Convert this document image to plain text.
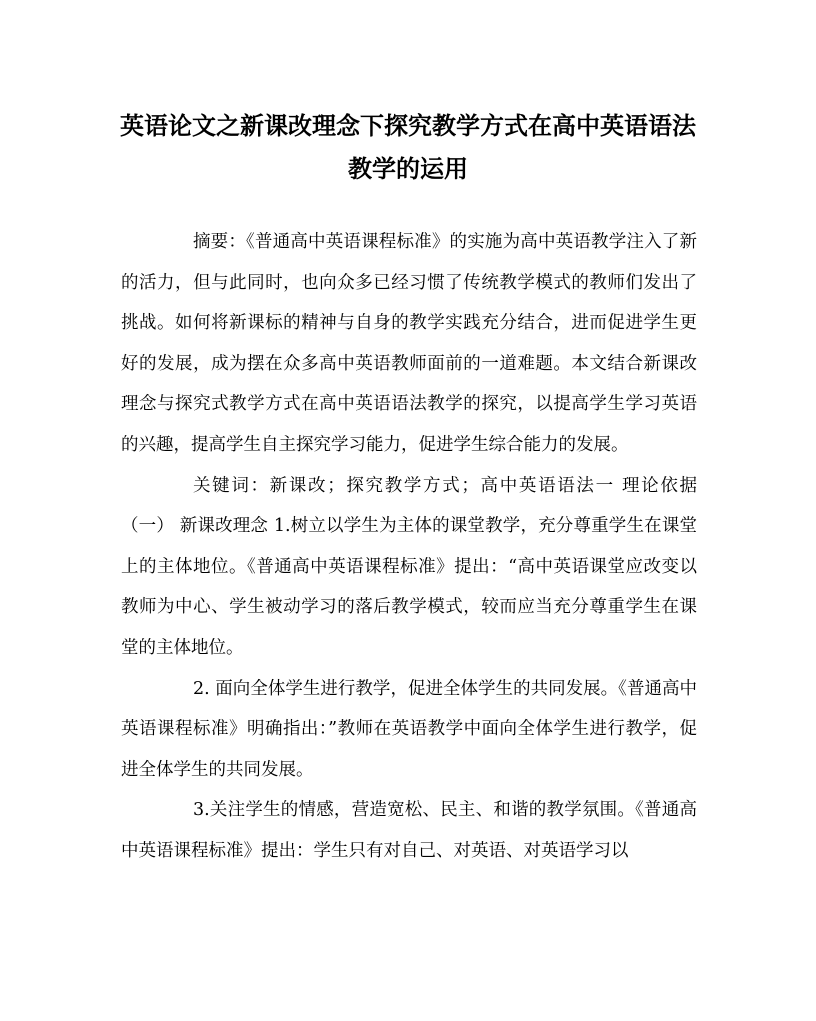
英语论文之新课改理念下探究教学方式在高中英语语法教学的运用

摘要：《普通高中英语课程标准》的实施为高中英语教学注入了新的活力，但与此同时，也向众多已经习惯了传统教学模式的教师们发出了挑战。如何将新课标的精神与自身的教学实践充分结合，进而促进学生更好的发展，成为摆在众多高中英语教师面前的一道难题。本文结合新课改理念与探究式教学方式在高中英语语法教学的探究，以提高学生学习英语的兴趣，提高学生自主探究学习能力，促进学生综合能力的发展。

关键词：新课改；探究教学方式；高中英语语法一 理论依据（一） 新课改理念 1.树立以学生为主体的课堂教学，充分尊重学生在课堂上的主体地位。《普通高中英语课程标准》提出：“高中英语课堂应改变以教师为中心、学生被动学习的落后教学模式，较而应当充分尊重学生在课堂的主体地位。

2. 面向全体学生进行教学，促进全体学生的共同发展。《普通高中英语课程标准》明确指出：”教师在英语教学中面向全体学生进行教学，促进全体学生的共同发展。

3.关注学生的情感，营造宽松、民主、和谐的教学氛围。《普通高中英语课程标准》提出：学生只有对自己、对英语、对英语学习以
